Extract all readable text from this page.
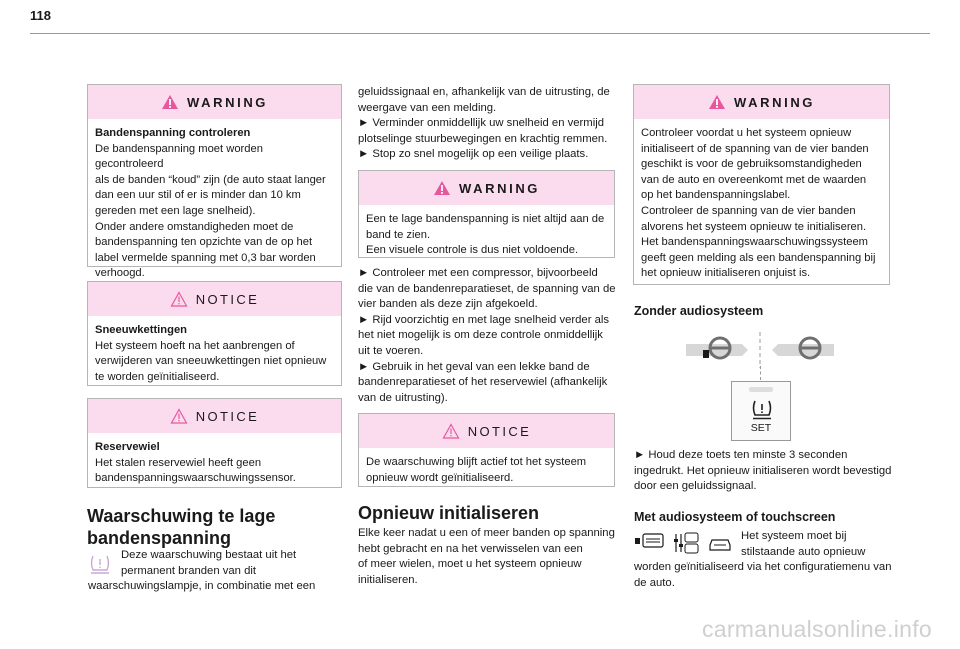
118
WARNING
Bandenspanning controleren
De bandenspanning moet worden gecontroleerd
als de banden “koud” zijn (de auto staat langer
dan een uur stil of er is minder dan 10 km
gereden met een lage snelheid).
Onder andere omstandigheden moet de
bandenspanning ten opzichte van de op het
label vermelde spanning met 0,3 bar worden
verhoogd.
NOTICE
Sneeuwkettingen
Het systeem hoeft na het aanbrengen of
verwijderen van sneeuwkettingen niet opnieuw
te worden geïnitialiseerd.
NOTICE
Reservewiel
Het stalen reservewiel heeft geen
bandenspanningswaarschuwingssensor.
Waarschuwing te lage
bandenspanning

Deze waarschuwing bestaat uit het

permanent branden van dit

waarschuwingslampje, in combinatie met een

geluidssignaal en, afhankelijk van de uitrusting, de

weergave van een melding.

► Verminder onmiddellijk uw snelheid en vermijd

plotselinge stuurbewegingen en krachtig remmen.

► Stop zo snel mogelijk op een veilige plaats.

WARNING
Een te lage bandenspanning is niet altijd aan de
band te zien.
Een visuele controle is dus niet voldoende.

► Controleer met een compressor, bijvoorbeeld

die van de bandenreparatieset, de spanning van de

vier banden als deze zijn afgekoeld.

► Rijd voorzichtig en met lage snelheid verder als

het niet mogelijk is om deze controle onmiddellijk

uit te voeren.

► Gebruik in het geval van een lekke band de

bandenreparatieset of het reservewiel (afhankelijk

van de uitrusting).

NOTICE
De waarschuwing blijft actief tot het systeem
opnieuw wordt geïnitialiseerd.
Opnieuw initialiseren

Elke keer nadat u een of meer banden op spanning

hebt gebracht en na het verwisselen van een

of meer wielen, moet u het systeem opnieuw

initialiseren.

WARNING
Controleer voordat u het systeem opnieuw
initialiseert of de spanning van de vier banden
geschikt is voor de gebruiksomstandigheden
van de auto en overeenkomt met de waarden
op het bandenspanningslabel.
Controleer de spanning van de vier banden
alvorens het systeem opnieuw te initialiseren.
Het bandenspanningswaarschuwingssysteem
geeft geen melding als een bandenspanning bij
het opnieuw initialiseren onjuist is.
Zonder audiosysteem
SET

► Houd deze toets ten minste 3 seconden

ingedrukt. Het opnieuw initialiseren wordt bevestigd

door een geluidssignaal.

Met audiosysteem of touchscreen

Het systeem moet bij

stilstaande auto opnieuw

worden geïnitialiseerd via het configuratiemenu van

de auto.

carmanualsonline.info
